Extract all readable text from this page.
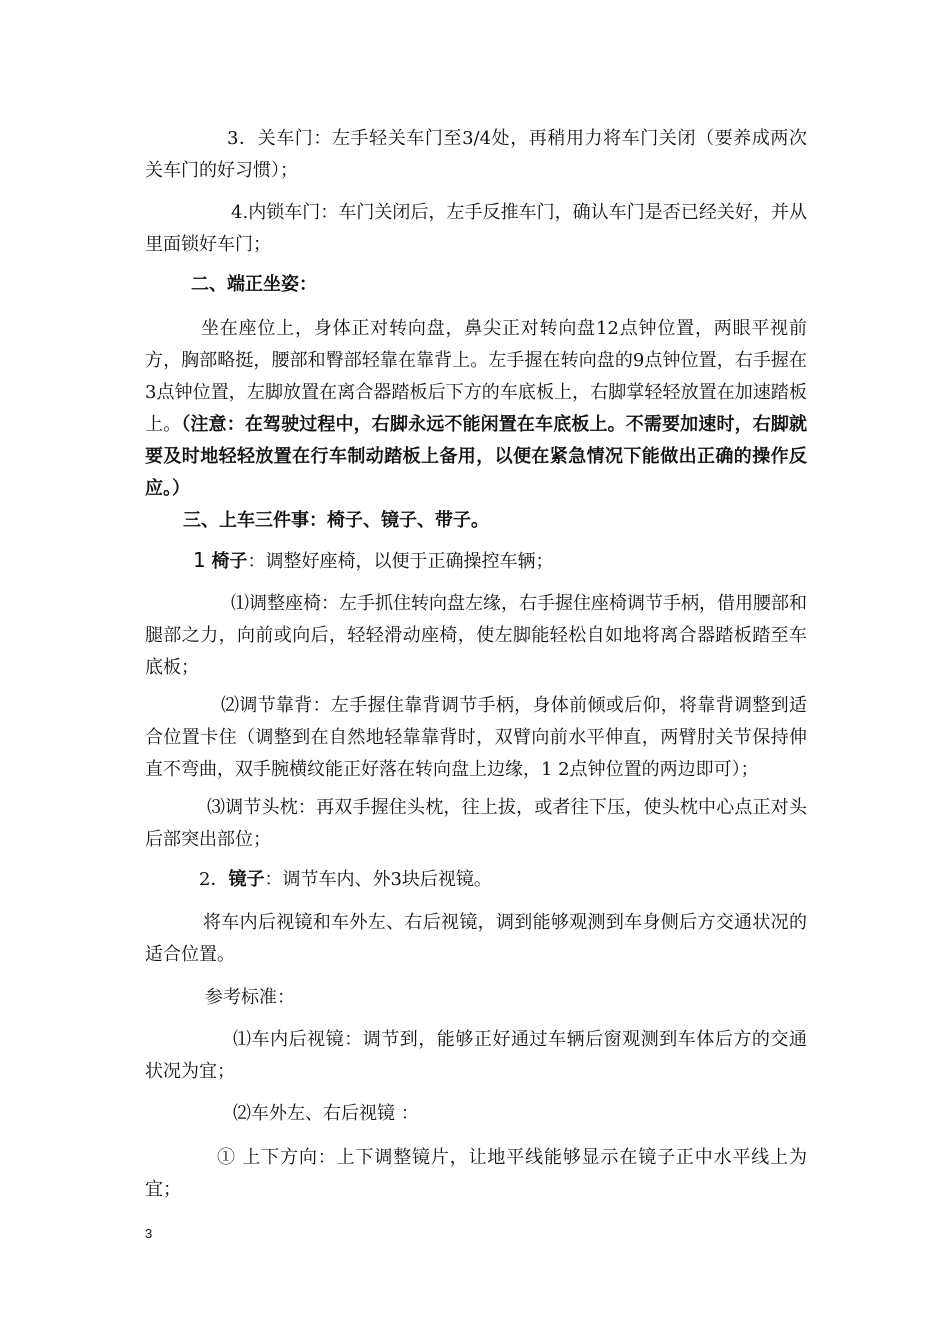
3．关车门：左手轻关车门至3/4处，再稍用力将车门关闭（要养成两次关车门的好习惯）；

4.内锁车门：车门关闭后，左手反推车门，确认车门是否已经关好，并从里面锁好车门；

二、端正坐姿：

坐在座位上，身体正对转向盘，鼻尖正对转向盘12点钟位置，两眼平视前方，胸部略挺，腰部和臀部轻靠在靠背上。左手握在转向盘的9点钟位置，右手握在3点钟位置，左脚放置在离合器踏板后下方的车底板上，右脚掌轻轻放置在加速踏板上。（注意：在驾驶过程中，右脚永远不能闲置在车底板上。不需要加速时，右脚就要及时地轻轻放置在行车制动踏板上备用，以便在紧急情况下能做出正确的操作反应。）

三、上车三件事：椅子、镜子、带子。

1 椅子：调整好座椅，以便于正确操控车辆；

⑴调整座椅：左手抓住转向盘左缘，右手握住座椅调节手柄，借用腰部和腿部之力，向前或向后，轻轻滑动座椅，使左脚能轻松自如地将离合器踏板踏至车底板；

⑵调节靠背：左手握住靠背调节手柄，身体前倾或后仰，将靠背调整到适合位置卡住（调整到在自然地轻靠靠背时，双臂向前水平伸直，两臂肘关节保持伸直不弯曲，双手腕横纹能正好落在转向盘上边缘，1 2点钟位置的两边即可）；

⑶调节头枕：再双手握住头枕，往上拔，或者往下压，使头枕中心点正对头后部突出部位；

2．镜子：调节车内、外3块后视镜。

将车内后视镜和车外左、右后视镜，调到能够观测到车身侧后方交通状况的适合位置。

参考标准：

⑴车内后视镜：调节到，能够正好通过车辆后窗观测到车体后方的交通状况为宜；

⑵车外左、右后视镜 ：

① 上下方向：上下调整镜片，让地平线能够显示在镜子正中水平线上为宜；

3
